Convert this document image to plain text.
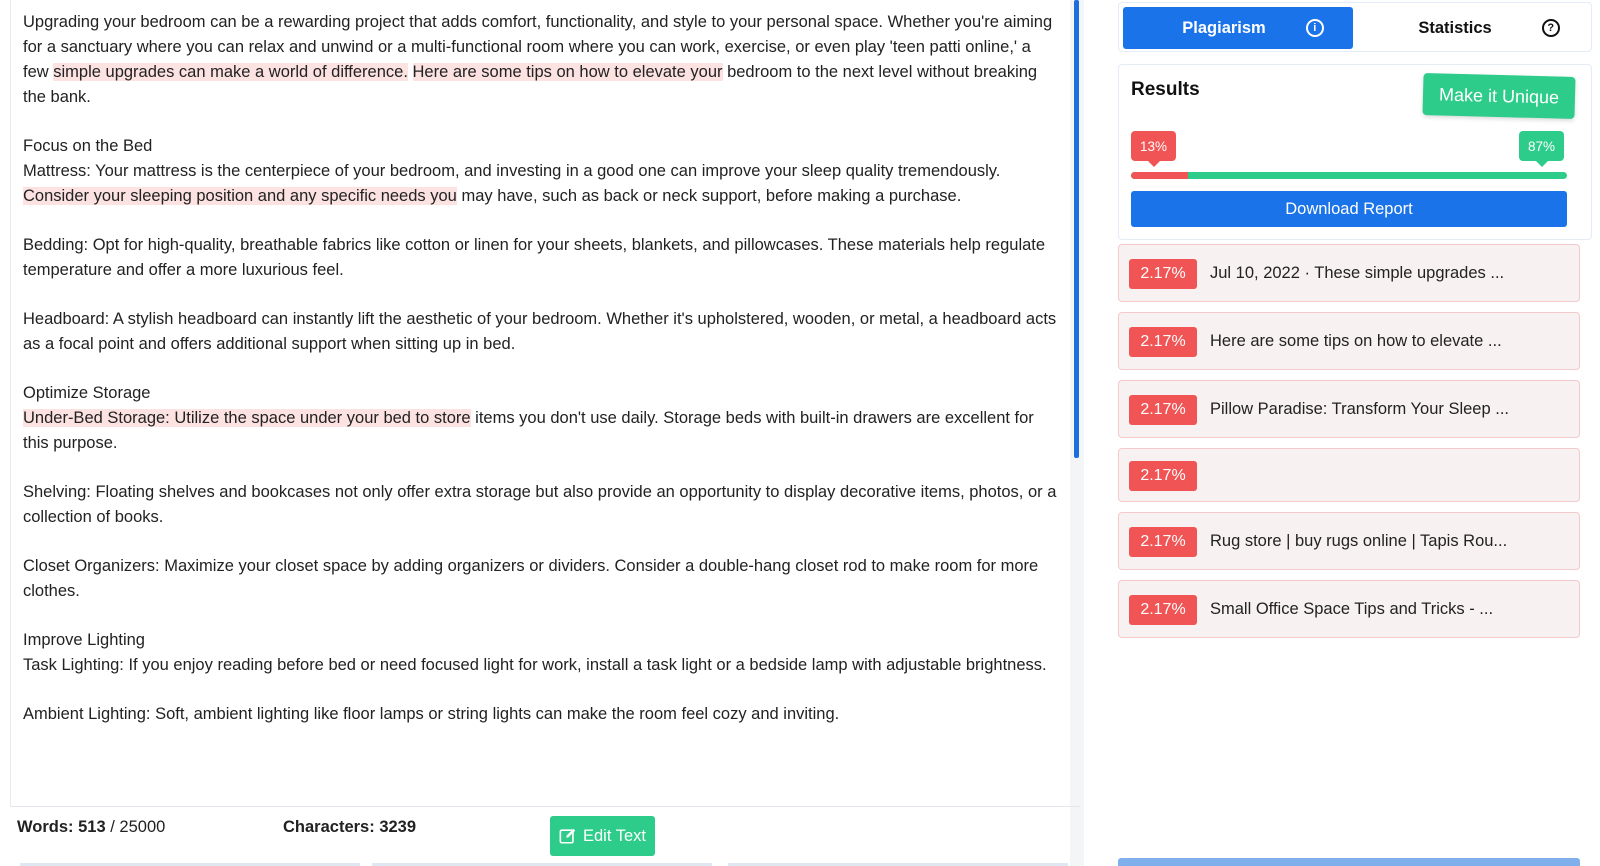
Upgrading your bedroom can be a rewarding project that adds comfort, functionality, and style to your personal space. Whether you're aiming for a sanctuary where you can relax and unwind or a multi-functional room where you can work, exercise, or even play 'teen patti online,' a few simple upgrades can make a world of difference. Here are some tips on how to elevate your bedroom to the next level without breaking the bank.

Focus on the Bed

Mattress: Your mattress is the centerpiece of your bedroom, and investing in a good one can improve your sleep quality tremendously. Consider your sleeping position and any specific needs you may have, such as back or neck support, before making a purchase.

Bedding: Opt for high-quality, breathable fabrics like cotton or linen for your sheets, blankets, and pillowcases. These materials help regulate temperature and offer a more luxurious feel.

Headboard: A stylish headboard can instantly lift the aesthetic of your bedroom. Whether it's upholstered, wooden, or metal, a headboard acts as a focal point and offers additional support when sitting up in bed.

Optimize Storage

Under-Bed Storage: Utilize the space under your bed to store items you don't use daily. Storage beds with built-in drawers are excellent for this purpose.

Shelving: Floating shelves and bookcases not only offer extra storage but also provide an opportunity to display decorative items, photos, or a collection of books.

Closet Organizers: Maximize your closet space by adding organizers or dividers. Consider a double-hang closet rod to make room for more clothes.

Improve Lighting

Task Lighting: If you enjoy reading before bed or need focused light for work, install a task light or a bedside lamp with adjustable brightness.

Ambient Lighting: Soft, ambient lighting like floor lamps or string lights can make the room feel cozy and inviting.

Words: 513 / 25000	Characters: 3239	Edit Text
Plagiarism	i	Statistics	?
Results	Make it Unique
13%	87%
Download Report
2.17%	Jul 10, 2022 · These simple upgrades ...
2.17%	Here are some tips on how to elevate ...
2.17%	Pillow Paradise: Transform Your Sleep ...
2.17%
2.17%	Rug store | buy rugs online | Tapis Rou...
2.17%	Small Office Space Tips and Tricks - ...
